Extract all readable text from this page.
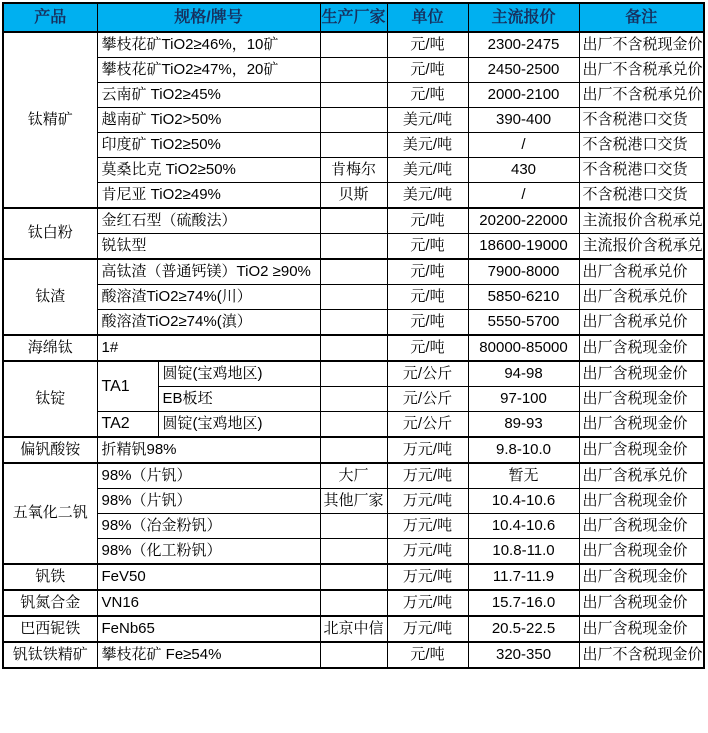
产品	规格/牌号		生产厂家	单位	主流报价	备注
钛精矿	攀枝花矿TiO2≥46%，10矿			元/吨	2300-2475	出厂不含税现金价
	攀枝花矿TiO2≥47%，20矿			元/吨	2450-2500	出厂不含税承兑价
	云南矿 TiO2≥45%			元/吨	2000-2100	出厂不含税承兑价
	越南矿 TiO2>50%			美元/吨	390-400	不含税港口交货
	印度矿 TiO2≥50%			美元/吨	/	不含税港口交货
	莫桑比克 TiO2≥50%		肯梅尔	美元/吨	430	不含税港口交货
	肯尼亚 TiO2≥49%		贝斯	美元/吨	/	不含税港口交货
钛白粉	金红石型（硫酸法）			元/吨	20200-22000	主流报价含税承兑
	锐钛型			元/吨	18600-19000	主流报价含税承兑
钛渣	高钛渣（普通钙镁）TiO2 ≥90%			元/吨	7900-8000	出厂含税承兑价
	酸溶渣TiO2≥74%(川）			元/吨	5850-6210	出厂含税承兑价
	酸溶渣TiO2≥74%(滇）			元/吨	5550-5700	出厂含税承兑价
海绵钛	1#			元/吨	80000-85000	出厂含税现金价
钛锭	TA1	圆锭(宝鸡地区)		元/公斤	94-98	出厂含税现金价
		EB板坯		元/公斤	97-100	出厂含税现金价
	TA2	圆锭(宝鸡地区)		元/公斤	89-93	出厂含税现金价
偏钒酸铵	折精钒98%			万元/吨	9.8-10.0	出厂含税现金价
五氧化二钒	98%（片钒）		大厂	万元/吨	暂无	出厂含税承兑价
	98%（片钒）		其他厂家	万元/吨	10.4-10.6	出厂含税现金价
	98%（冶金粉钒）			万元/吨	10.4-10.6	出厂含税现金价
	98%（化工粉钒）			万元/吨	10.8-11.0	出厂含税现金价
钒铁	FeV50			万元/吨	11.7-11.9	出厂含税现金价
钒氮合金	VN16			万元/吨	15.7-16.0	出厂含税现金价
巴西铌铁	FeNb65		北京中信	万元/吨	20.5-22.5	出厂含税现金价
钒钛铁精矿	攀枝花矿 Fe≥54%			元/吨	320-350	出厂不含税现金价
